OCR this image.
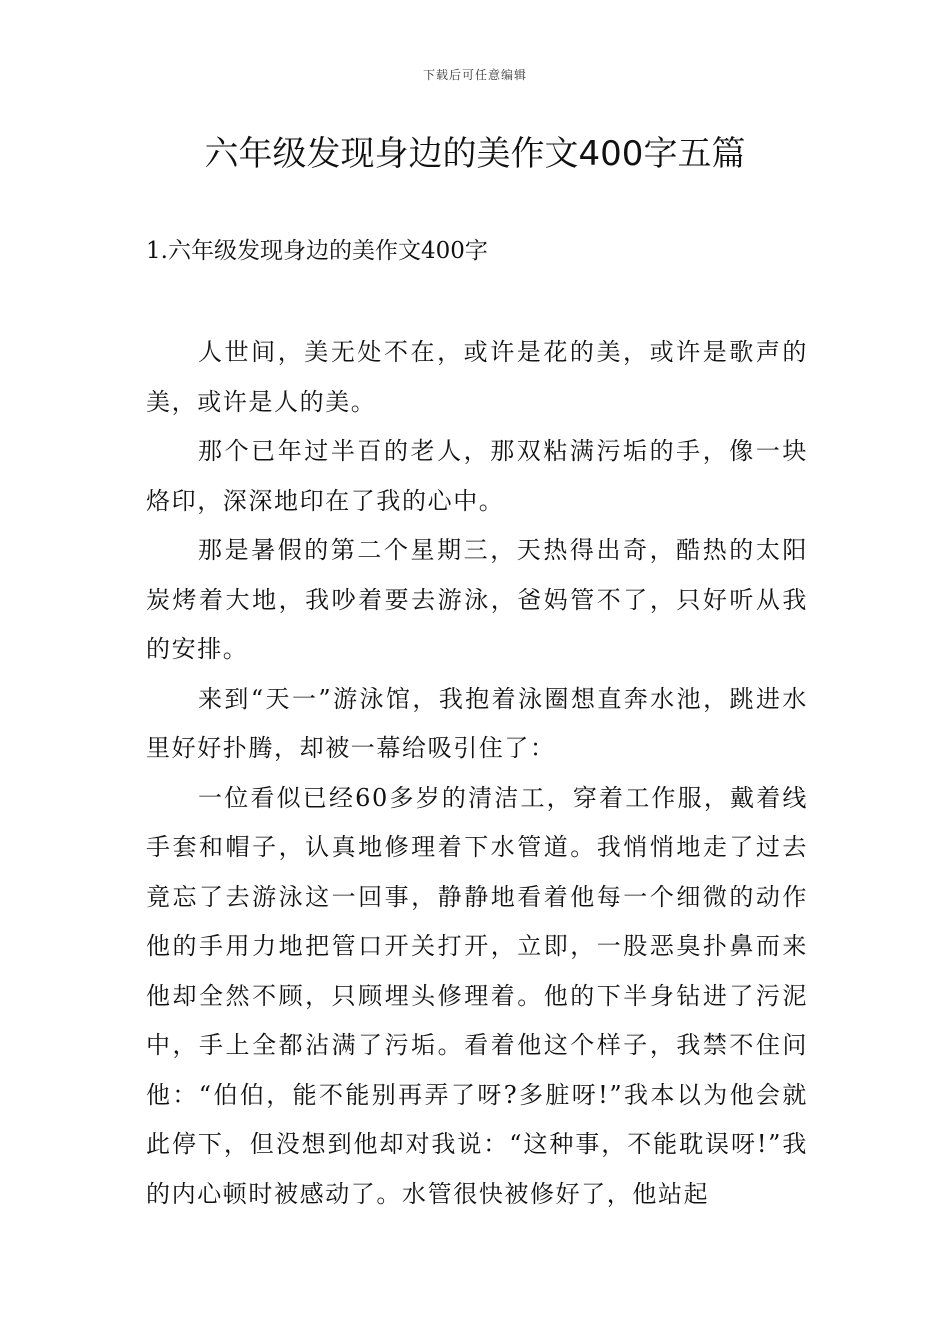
下载后可任意编辑
六年级发现身边的美作文400字五篇
1.六年级发现身边的美作文400字

人世间，美无处不在，或许是花的美，或许是歌声的美，或许是人的美。

那个已年过半百的老人，那双粘满污垢的手，像一块烙印，深深地印在了我的心中。

那是暑假的第二个星期三，天热得出奇，酷热的太阳炭烤着大地，我吵着要去游泳，爸妈管不了，只好听从我的安排。

来到“天一”游泳馆，我抱着泳圈想直奔水池，跳进水里好好扑腾，却被一幕给吸引住了：

一位看似已经60多岁的清洁工，穿着工作服，戴着线手套和帽子，认真地修理着下水管道。我悄悄地走了过去竟忘了去游泳这一回事，静静地看着他每一个细微的动作他的手用力地把管口开关打开，立即，一股恶臭扑鼻而来他却全然不顾，只顾埋头修理着。他的下半身钻进了污泥中，手上全都沾满了污垢。看着他这个样子，我禁不住问他：“伯伯，能不能别再弄了呀?多脏呀!”我本以为他会就此停下，但没想到他却对我说：“这种事，不能耽误呀!”我的内心顿时被感动了。水管很快被修好了，他站起
